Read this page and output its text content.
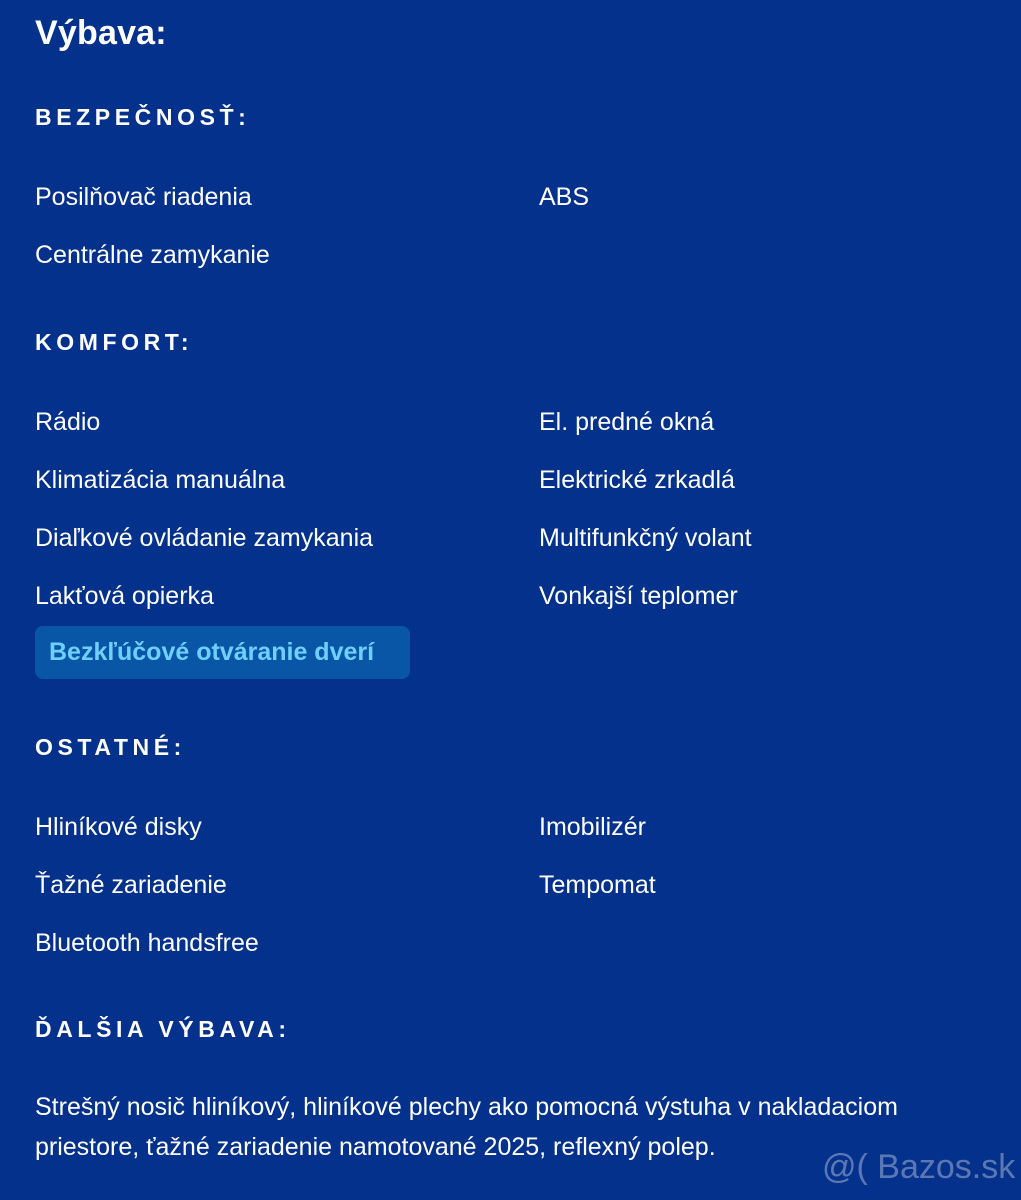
Výbava:
BEZPEČNOSŤ:
Posilňovač riadenia	ABS
Centrálne zamykanie
KOMFORT:
Rádio	El. predné okná
Klimatizácia manuálna	Elektrické zrkadlá
Diaľkové ovládanie zamykania	Multifunkčný volant
Lakťová opierka	Vonkajší teplomer
Bezkľúčové otváranie dverí
OSTATNÉ:
Hliníkové disky	Imobilizér
Ťažné zariadenie	Tempomat
Bluetooth handsfree
ĎALŠIA VÝBAVA:
Strešný nosič hliníkový, hliníkové plechy ako pomocná výstuha v nakladaciom priestore, ťažné zariadenie namotované 2025, reflexný polep.
@( Bazos.sk
